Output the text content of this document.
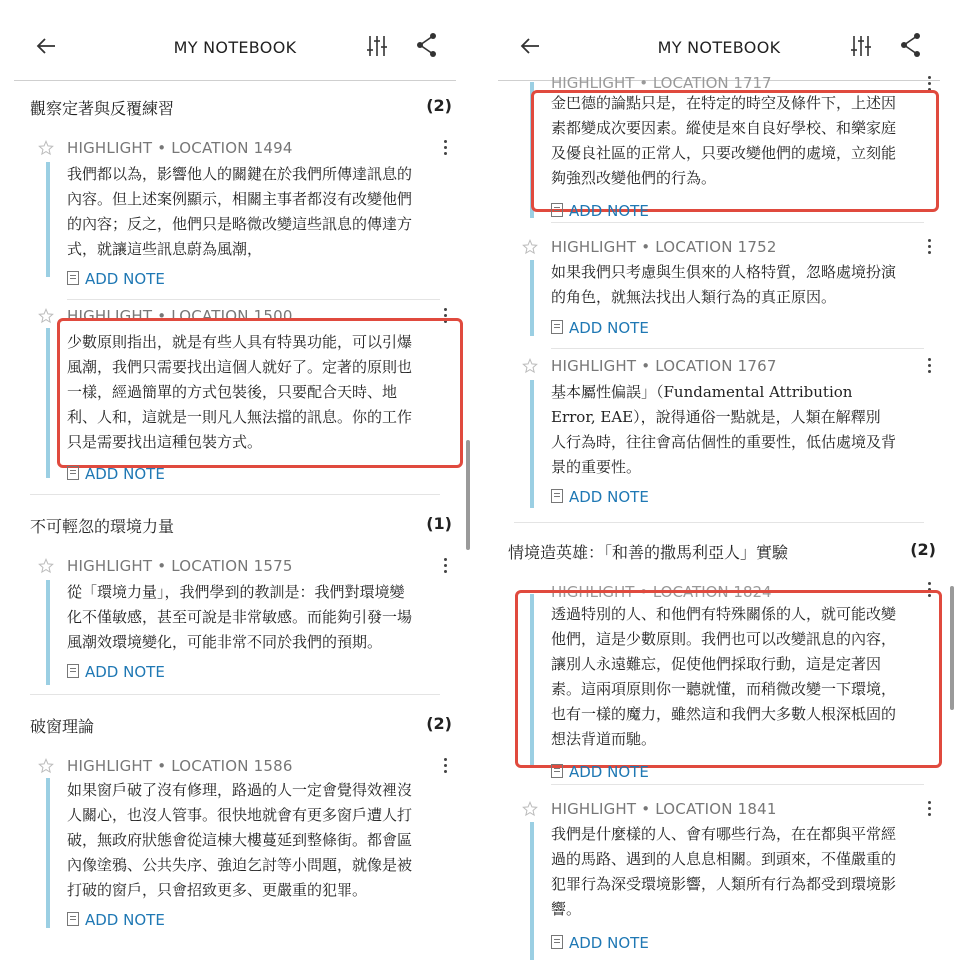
MY NOTEBOOK
觀察定著與反覆練習	(2)
HIGHLIGHT • LOCATION 1494
我們都以為，影響他人的關鍵在於我們所傳達訊息的
內容。但上述案例顯示，相關主事者都沒有改變他們
的內容；反之，他們只是略微改變這些訊息的傳達方
式，就讓這些訊息蔚為風潮，
ADD NOTE
HIGHLIGHT • LOCATION 1500
少數原則指出，就是有些人具有特異功能，可以引爆
風潮，我們只需要找出這個人就好了。定著的原則也
一樣，經過簡單的方式包裝後，只要配合天時、地
利、人和，這就是一則凡人無法擋的訊息。你的工作
只是需要找出這種包裝方式。
ADD NOTE
不可輕忽的環境力量	(1)
HIGHLIGHT • LOCATION 1575
從「環境力量」，我們學到的教訓是：我們對環境變
化不僅敏感，甚至可說是非常敏感。而能夠引發一場
風潮效環境變化，可能非常不同於我們的預期。
ADD NOTE
破窗理論	(2)
HIGHLIGHT • LOCATION 1586
如果窗戶破了沒有修理，路過的人一定會覺得效裡沒
人關心，也沒人管事。很快地就會有更多窗戶遭人打
破，無政府狀態會從這棟大樓蔓延到整條街。都會區
內像塗鴉、公共失序、強迫乞討等小問題，就像是被
打破的窗戶，只會招致更多、更嚴重的犯罪。
ADD NOTE
MY NOTEBOOK
HIGHLIGHT • LOCATION 1717
金巴德的論點只是，在特定的時空及條件下，上述因
素都變成次要因素。縱使是來自良好學校、和樂家庭
及優良社區的正常人，只要改變他們的處境，立刻能
夠強烈改變他們的行為。
ADD NOTE
HIGHLIGHT • LOCATION 1752
如果我們只考慮與生俱來的人格特質，忽略處境扮演
的角色，就無法找出人類行為的真正原因。
ADD NOTE
HIGHLIGHT • LOCATION 1767
基本屬性偏誤」（Fundamental Attribution
Error, EAE），說得通俗一點就是，人類在解釋別
人行為時，往往會高估個性的重要性，低估處境及背
景的重要性。
ADD NOTE
情境造英雄：「和善的撒馬利亞人」實驗	(2)
HIGHLIGHT • LOCATION 1824
透過特別的人、和他們有特殊關係的人，就可能改變
他們，這是少數原則。我們也可以改變訊息的內容，
讓別人永遠難忘，促使他們採取行動，這是定著因
素。這兩項原則你一聽就懂，而稍微改變一下環境，
也有一樣的魔力，雖然這和我們大多數人根深柢固的
想法背道而馳。
ADD NOTE
HIGHLIGHT • LOCATION 1841
我們是什麼樣的人、會有哪些行為，在在都與平常經
過的馬路、遇到的人息息相關。到頭來，不僅嚴重的
犯罪行為深受環境影響，人類所有行為都受到環境影
響。
ADD NOTE
